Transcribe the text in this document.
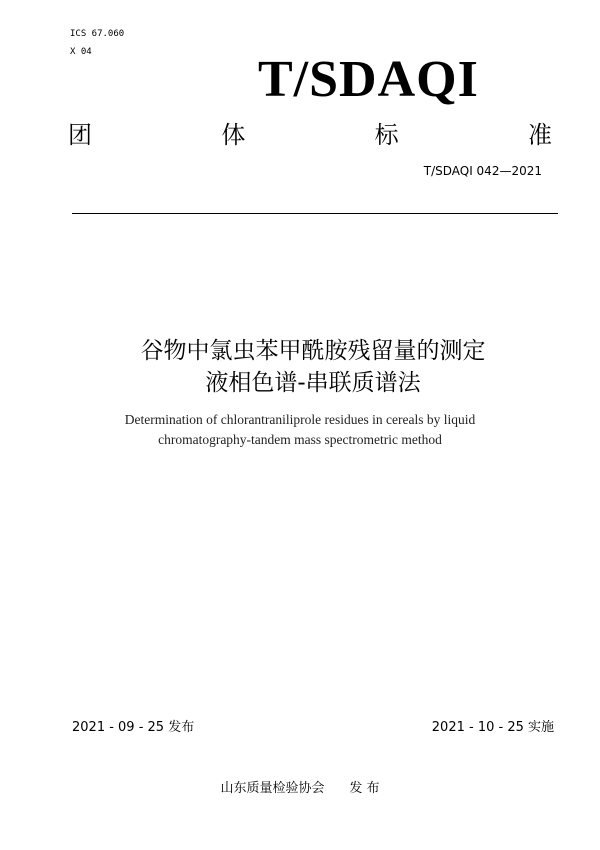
ICS 67.060
X 04	T/SDAQI
团	体	标	准
T/SDAQI 042—2021
谷物中氯虫苯甲酰胺残留量的测定
液相色谱-串联质谱法
Determination of chlorantraniliprole residues in cereals by liquid
chromatography-tandem mass spectrometric method
2021 - 09 - 25 发布	2021 - 10 - 25 实施
山东质量检验协会      发 布
